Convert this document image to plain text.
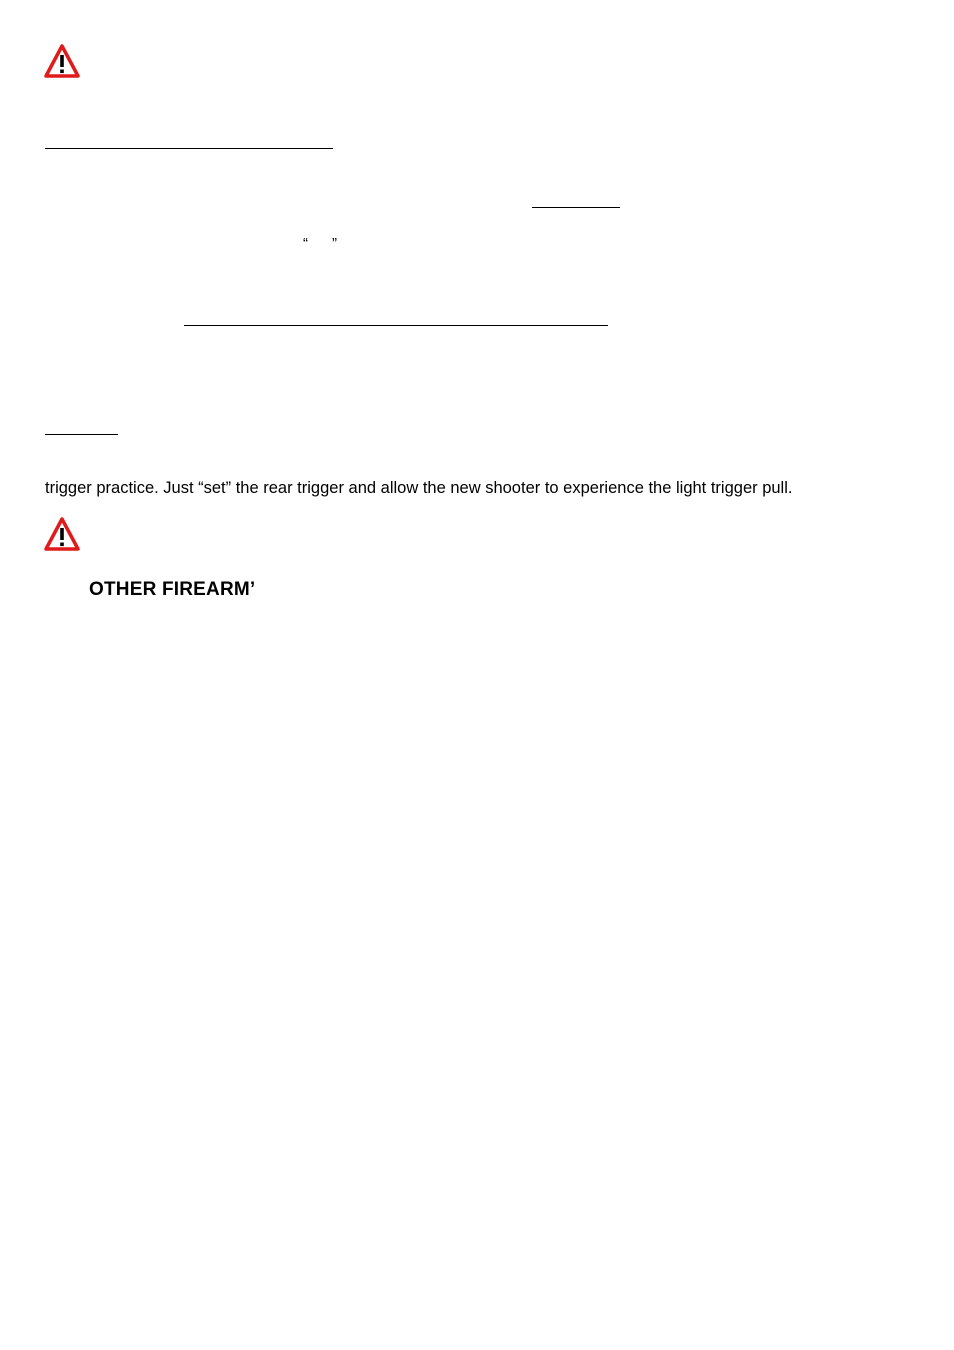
“ ”
trigger practice. Just “set” the rear trigger and allow the new shooter to experience the light trigger pull.
OTHER FIREARM’
